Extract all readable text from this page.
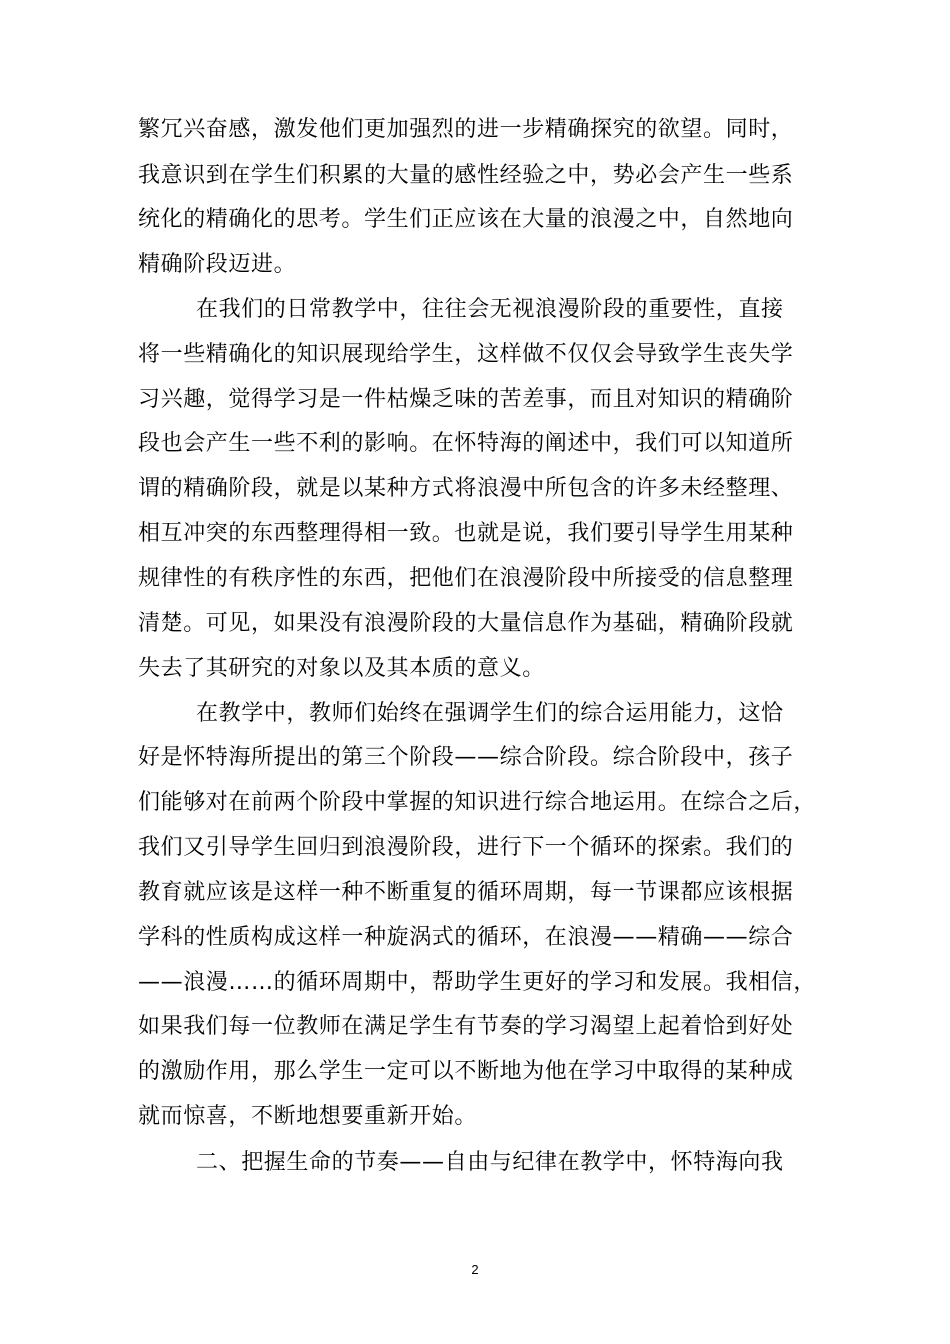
繁冗兴奋感，激发他们更加强烈的进一步精确探究的欲望。同时，
我意识到在学生们积累的大量的感性经验之中，势必会产生一些系
统化的精确化的思考。学生们正应该在大量的浪漫之中，自然地向
精确阶段迈进。
在我们的日常教学中，往往会无视浪漫阶段的重要性，直接
将一些精确化的知识展现给学生，这样做不仅仅会导致学生丧失学
习兴趣，觉得学习是一件枯燥乏味的苦差事，而且对知识的精确阶
段也会产生一些不利的影响。在怀特海的阐述中，我们可以知道所
谓的精确阶段，就是以某种方式将浪漫中所包含的许多未经整理、
相互冲突的东西整理得相一致。也就是说，我们要引导学生用某种
规律性的有秩序性的东西，把他们在浪漫阶段中所接受的信息整理
清楚。可见，如果没有浪漫阶段的大量信息作为基础，精确阶段就
失去了其研究的对象以及其本质的意义。
在教学中，教师们始终在强调学生们的综合运用能力，这恰
好是怀特海所提出的第三个阶段——综合阶段。综合阶段中，孩子
们能够对在前两个阶段中掌握的知识进行综合地运用。在综合之后，
我们又引导学生回归到浪漫阶段，进行下一个循环的探索。我们的
教育就应该是这样一种不断重复的循环周期，每一节课都应该根据
学科的性质构成这样一种旋涡式的循环，在浪漫——精确——综合
——浪漫……的循环周期中，帮助学生更好的学习和发展。我相信，
如果我们每一位教师在满足学生有节奏的学习渴望上起着恰到好处
的激励作用，那么学生一定可以不断地为他在学习中取得的某种成
就而惊喜，不断地想要重新开始。
二、把握生命的节奏——自由与纪律在教学中，怀特海向我
2
